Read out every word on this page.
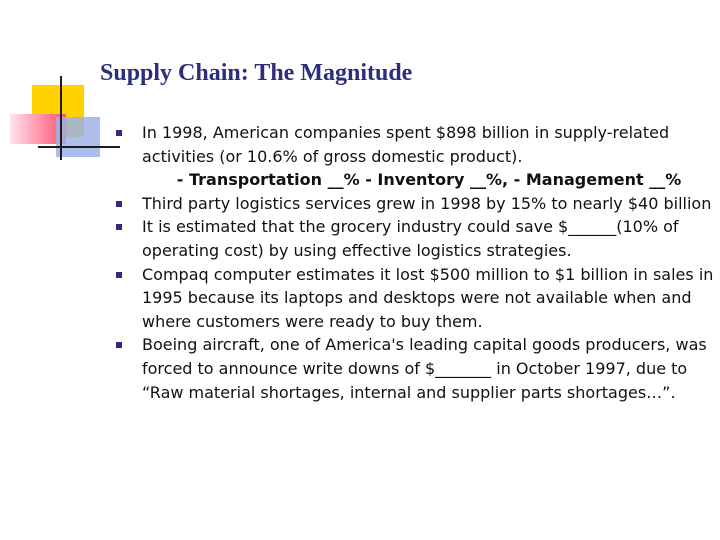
Supply Chain: The Magnitude
In 1998, American companies spent $898 billion in supply-related activities (or 10.6% of gross domestic product).
- Transportation __% - Inventory __%, - Management __%
Third party logistics services grew in 1998 by 15% to nearly $40 billion
It is estimated that the grocery industry could save $______(10% of operating cost) by using effective logistics strategies.
Compaq computer estimates it lost $500 million to $1 billion in sales in 1995 because its laptops and desktops were not available when and where customers were ready to buy them.
Boeing aircraft, one of America's leading capital goods producers, was forced to announce write downs of $_______ in October 1997, due to “Raw material shortages, internal and supplier parts shortages…”.
